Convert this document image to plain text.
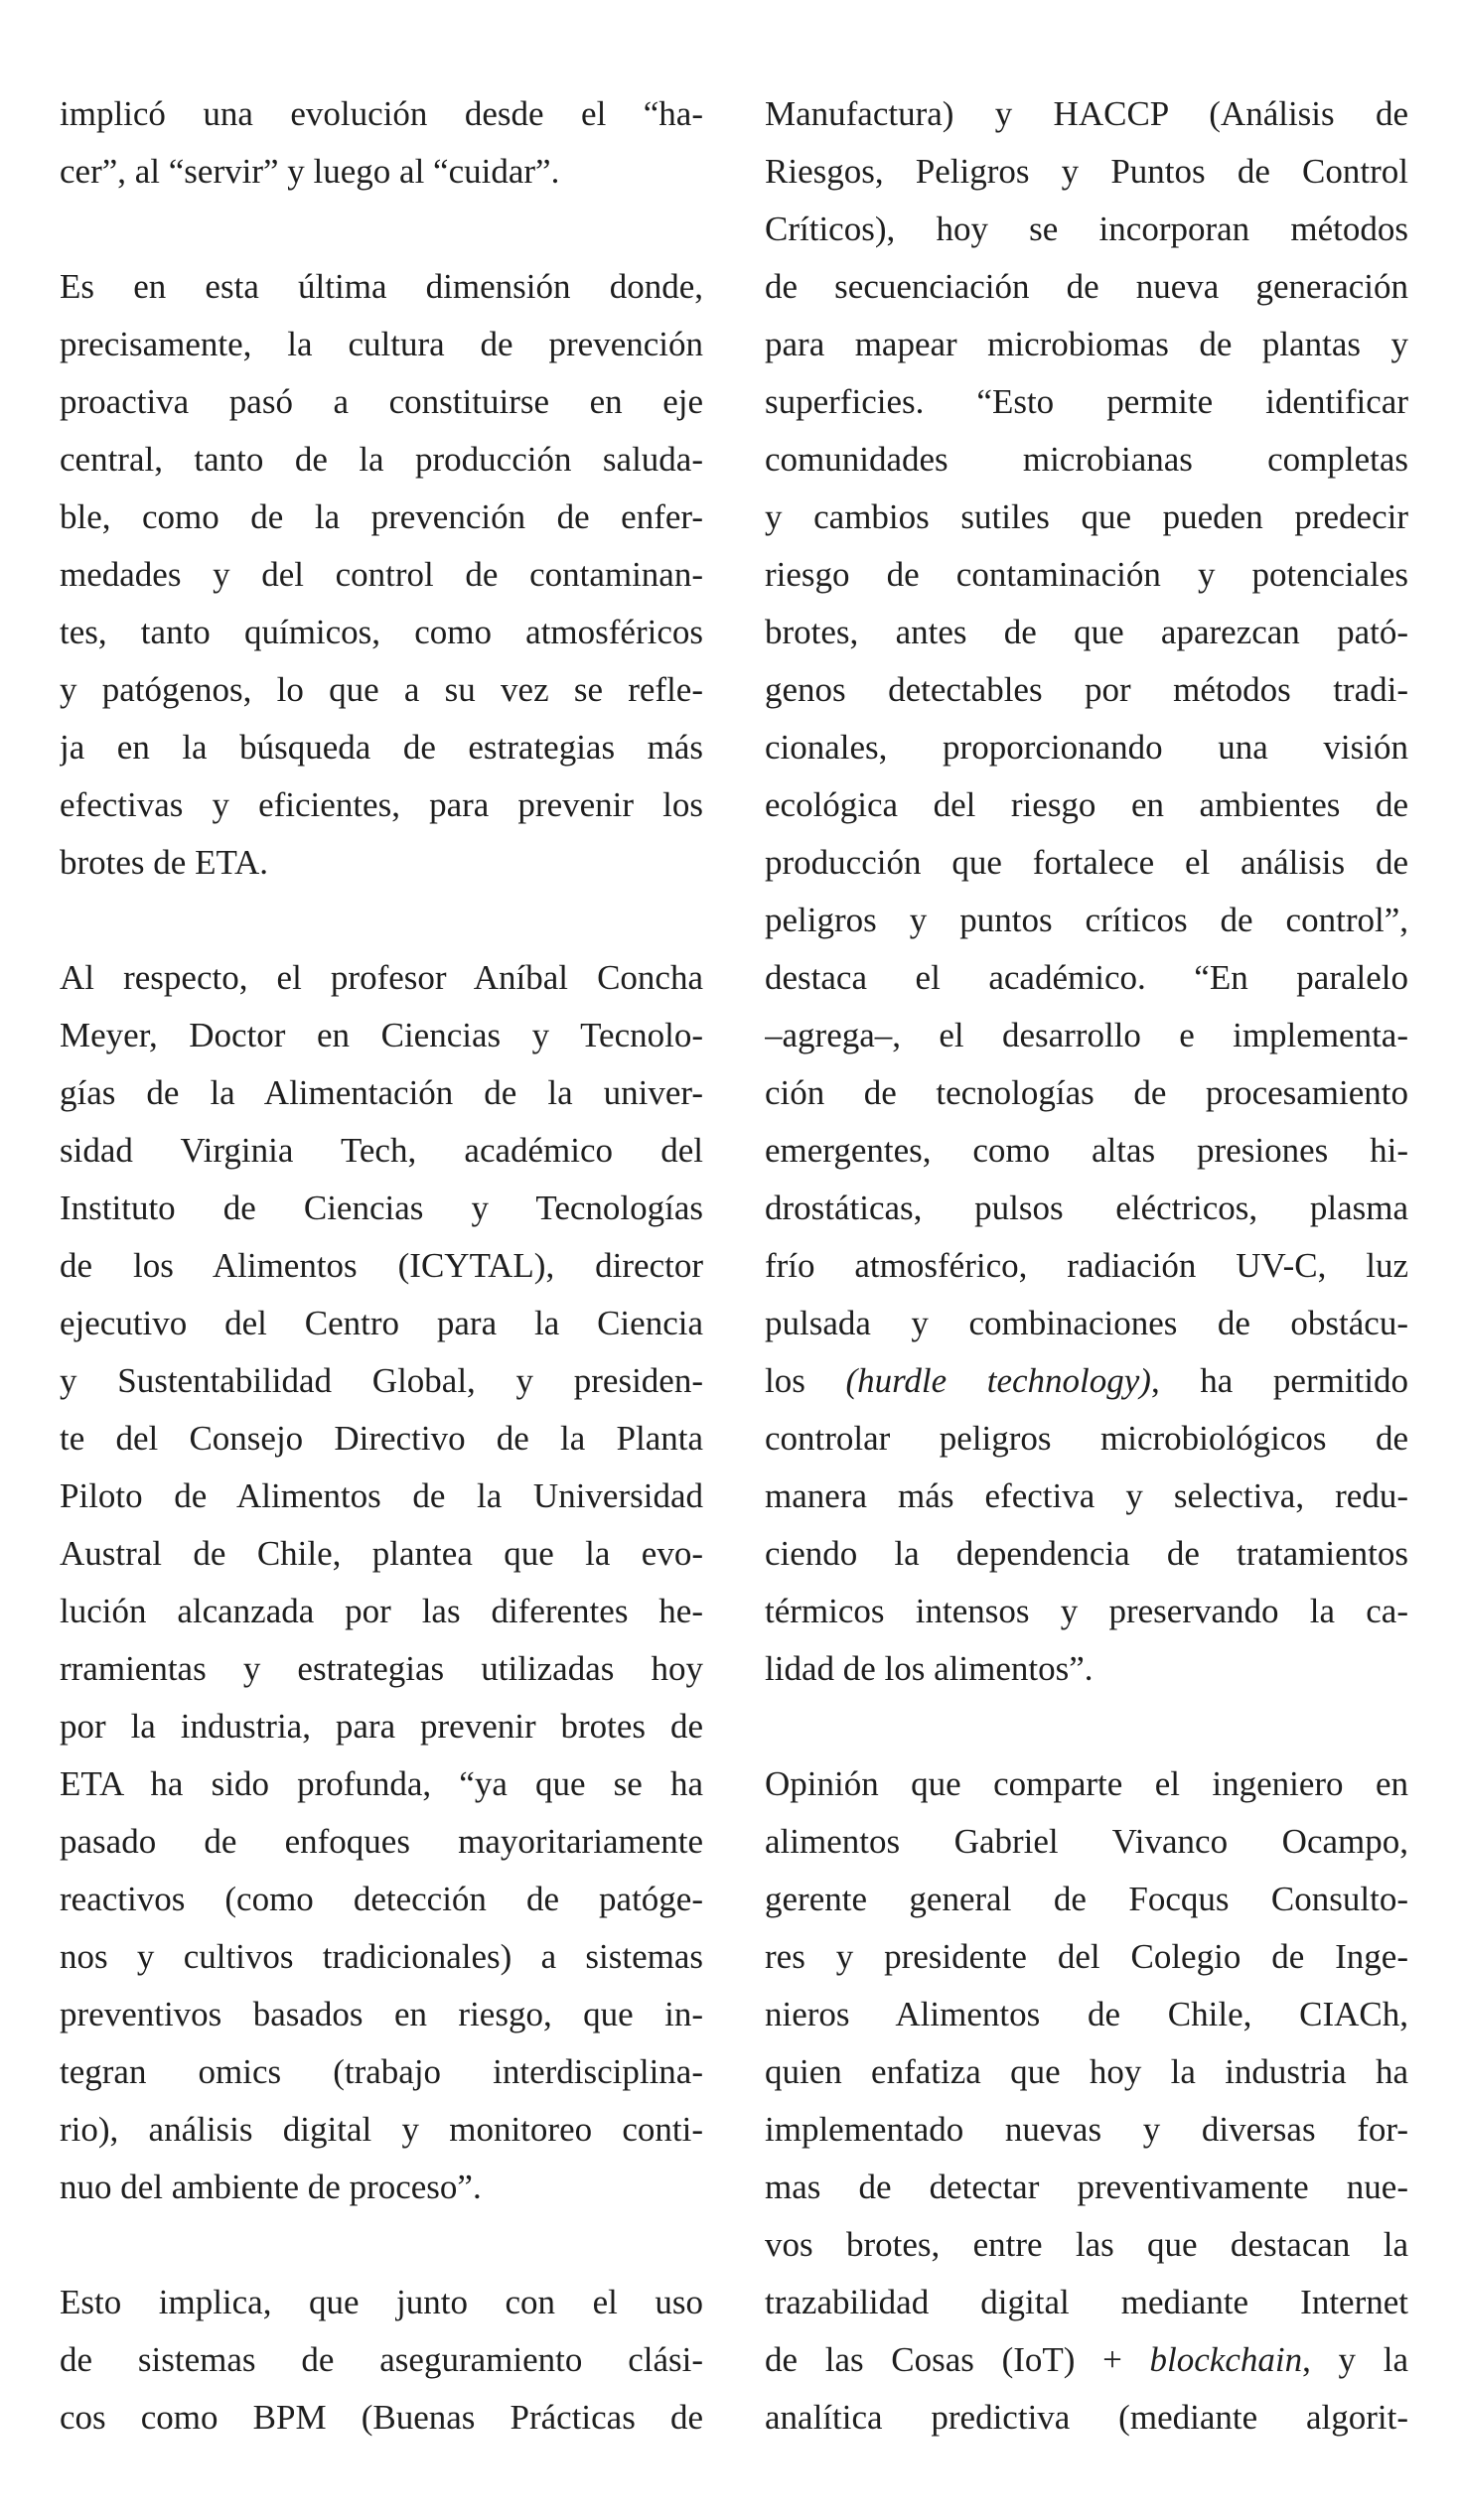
implicó una evolución desde el “ha-
cer”, al “servir” y luego al “cuidar”.
Es en esta última dimensión donde,
precisamente, la cultura de prevención
proactiva pasó a constituirse en eje
central, tanto de la producción saluda-
ble, como de la prevención de enfer-
medades y del control de contaminan-
tes, tanto químicos, como atmosféricos
y patógenos, lo que a su vez se refle-
ja en la búsqueda de estrategias más
efectivas y eficientes, para prevenir los
brotes de ETA.
Al respecto, el profesor Aníbal Concha
Meyer, Doctor en Ciencias y Tecnolo-
gías de la Alimentación de la univer-
sidad Virginia Tech, académico del
Instituto de Ciencias y Tecnologías
de los Alimentos (ICYTAL), director
ejecutivo del Centro para la Ciencia
y Sustentabilidad Global, y presiden-
te del Consejo Directivo de la Planta
Piloto de Alimentos de la Universidad
Austral de Chile, plantea que la evo-
lución alcanzada por las diferentes he-
rramientas y estrategias utilizadas hoy
por la industria, para prevenir brotes de
ETA ha sido profunda, “ya que se ha
pasado de enfoques mayoritariamente
reactivos (como detección de patóge-
nos y cultivos tradicionales) a sistemas
preventivos basados en riesgo, que in-
tegran omics (trabajo interdisciplina-
rio), análisis digital y monitoreo conti-
nuo del ambiente de proceso”.
Esto implica, que junto con el uso
de sistemas de aseguramiento clási-
cos como BPM (Buenas Prácticas de
Manufactura) y HACCP (Análisis de
Riesgos, Peligros y Puntos de Control
Críticos), hoy se incorporan métodos
de secuenciación de nueva generación
para mapear microbiomas de plantas y
superficies. “Esto permite identificar
comunidades microbianas completas
y cambios sutiles que pueden predecir
riesgo de contaminación y potenciales
brotes, antes de que aparezcan pató-
genos detectables por métodos tradi-
cionales, proporcionando una visión
ecológica del riesgo en ambientes de
producción que fortalece el análisis de
peligros y puntos críticos de control”,
destaca el académico. “En paralelo
–agrega–, el desarrollo e implementa-
ción de tecnologías de procesamiento
emergentes, como altas presiones hi-
drostáticas, pulsos eléctricos, plasma
frío atmosférico, radiación UV-C, luz
pulsada y combinaciones de obstácu-
los (hurdle technology), ha permitido
controlar peligros microbiológicos de
manera más efectiva y selectiva, redu-
ciendo la dependencia de tratamientos
térmicos intensos y preservando la ca-
lidad de los alimentos”.
Opinión que comparte el ingeniero en
alimentos Gabriel Vivanco Ocampo,
gerente general de Focqus Consulto-
res y presidente del Colegio de Inge-
nieros Alimentos de Chile, CIACh,
quien enfatiza que hoy la industria ha
implementado nuevas y diversas for-
mas de detectar preventivamente nue-
vos brotes, entre las que destacan la
trazabilidad digital mediante Internet
de las Cosas (IoT) + blockchain, y la
analítica predictiva (mediante algorit-
